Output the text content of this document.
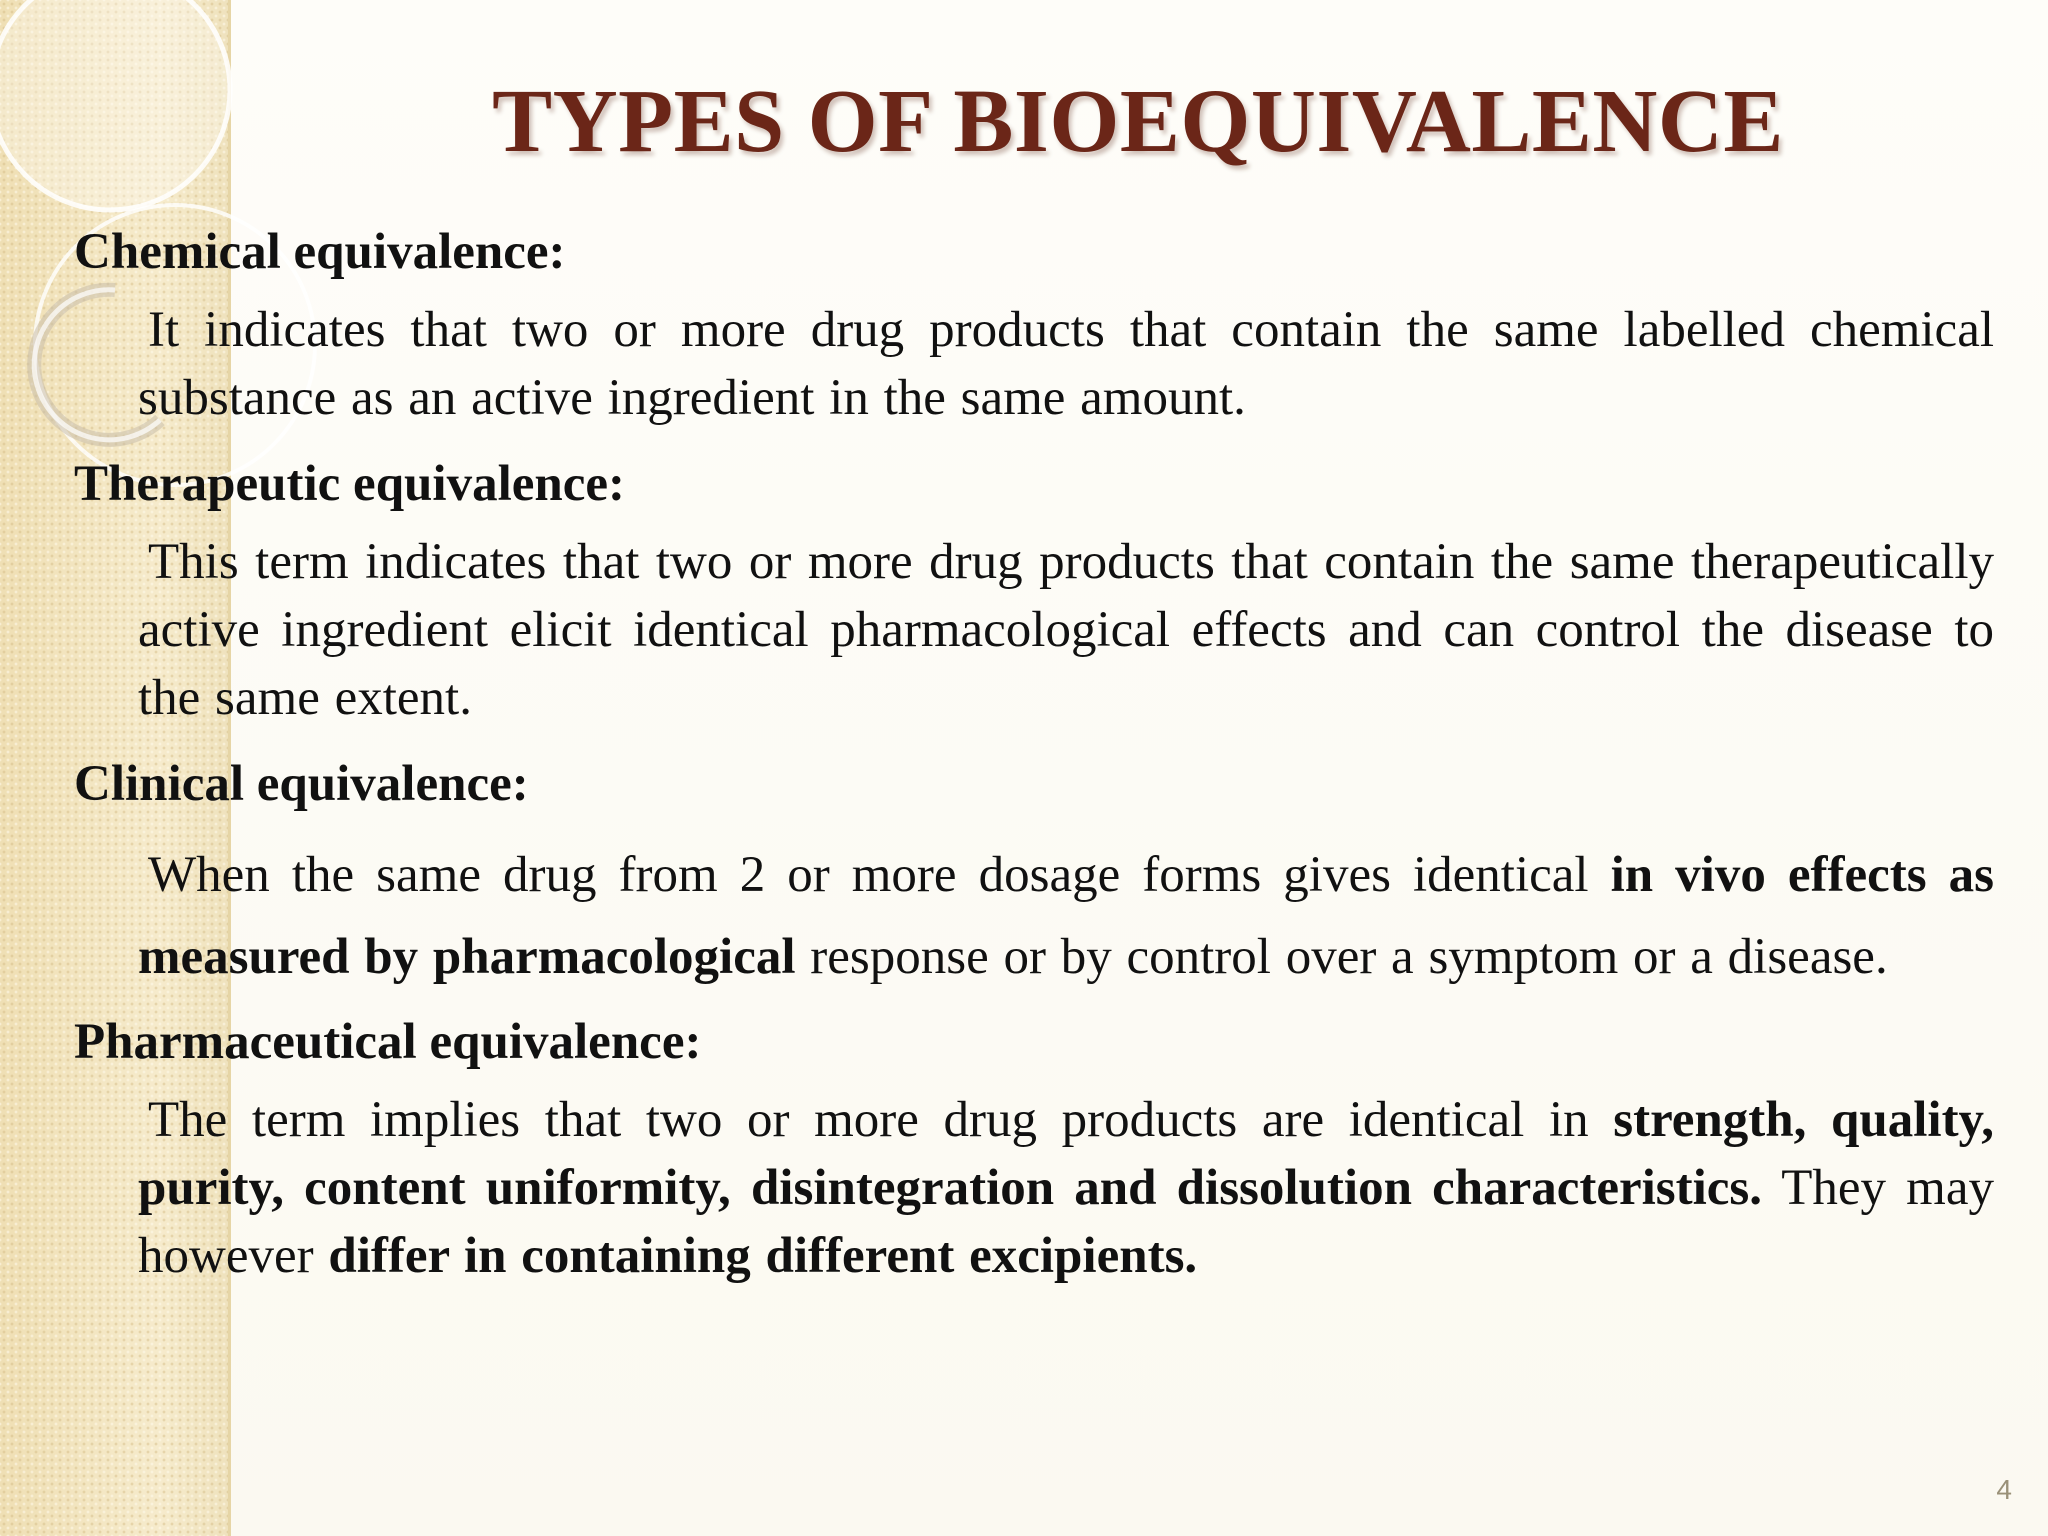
TYPES OF BIOEQUIVALENCE

Chemical equivalence:

It indicates that two or more drug products that contain the same labelled chemical substance as an active ingredient in the same amount.

Therapeutic equivalence:

This term indicates that two or more drug products that contain the same therapeutically active ingredient elicit identical pharmacological effects and can control the disease to the same extent.

Clinical equivalence:

When the same drug from 2 or more dosage forms gives identical in vivo effects as measured by pharmacological response or by control over a symptom or a disease.

Pharmaceutical equivalence:

The term implies that two or more drug products are identical in strength, quality, purity, content uniformity, disintegration and dissolution characteristics. They may however differ in containing different excipients.

4
